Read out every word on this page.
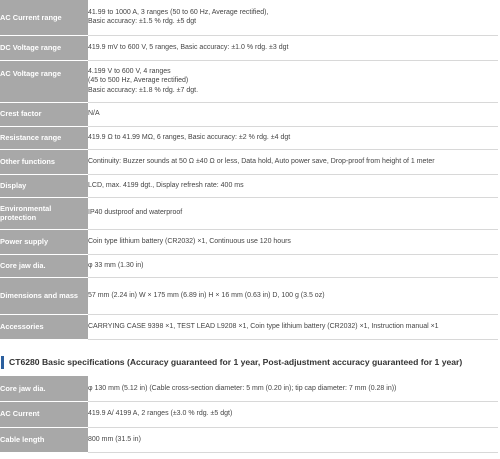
AC Current range	41.99 to 1000 A, 3 ranges (50 to 60 Hz, Average rectified),
Basic accuracy: ±1.5 % rdg. ±5 dgt

DC Voltage range	419.9 mV to 600 V, 5 ranges, Basic accuracy: ±1.0 % rdg. ±3 dgt

AC Voltage range	4.199 V to 600 V, 4 ranges
(45 to 500 Hz, Average rectified)
Basic accuracy: ±1.8 % rdg. ±7 dgt.

Crest factor	N/A

Resistance range	419.9 Ω to 41.99 MΩ, 6 ranges, Basic accuracy: ±2 % rdg. ±4 dgt

Other functions	Continuity: Buzzer sounds at 50 Ω ±40 Ω or less, Data hold, Auto power save, Drop-proof from height of 1 meter

Display	LCD, max. 4199 dgt., Display refresh rate: 400 ms

Environmental protection	IP40 dustproof and waterproof

Power supply	Coin type lithium battery (CR2032) ×1, Continuous use 120 hours

Core jaw dia.	φ 33 mm (1.30 in)

Dimensions and mass	57 mm (2.24 in) W × 175 mm (6.89 in) H × 16 mm (0.63 in) D, 100 g (3.5 oz)

Accessories	CARRYING CASE 9398 ×1, TEST LEAD L9208 ×1, Coin type lithium battery (CR2032) ×1, Instruction manual ×1
CT6280 Basic specifications (Accuracy guaranteed for 1 year, Post-adjustment accuracy guaranteed for 1 year)
Core jaw dia.	φ 130 mm (5.12 in) (Cable cross-section diameter: 5 mm (0.20 in); tip cap diameter: 7 mm (0.28 in))

AC Current	419.9 A/ 4199 A, 2 ranges (±3.0 % rdg. ±5 dgt)

Cable length	800 mm (31.5 in)
